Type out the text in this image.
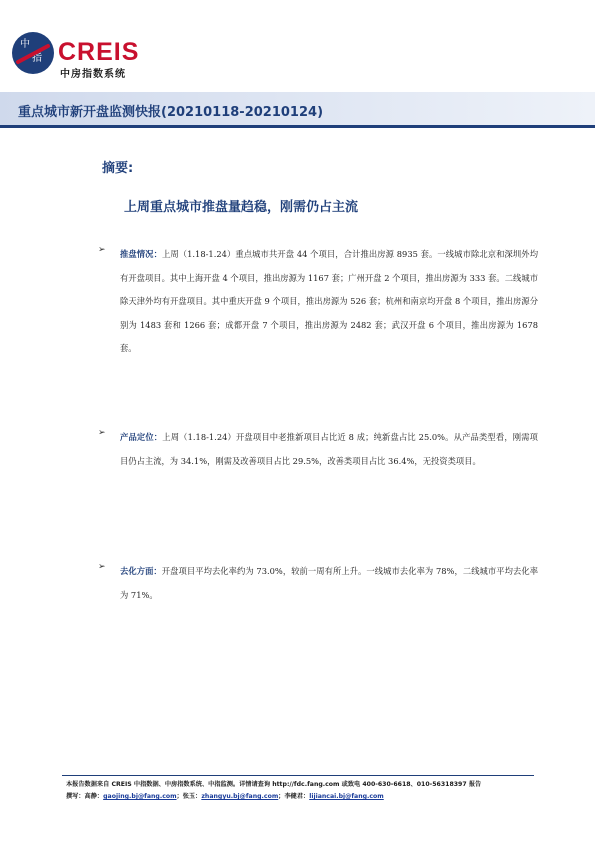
中
指 CREIS
中房指数系统
重点城市新开盘监测快报(20210118-20210124)
摘要:
上周重点城市推盘量趋稳，刚需仍占主流
➢ 推盘情况：上周（1.18-1.24）重点城市共开盘 44 个项目，合计推出房源 8935 套。一线城市除北京和深圳外均有开盘项目。其中上海开盘 4 个项目，推出房源为 1167 套；广州开盘 2 个项目，推出房源为 333 套。二线城市除天津外均有开盘项目。其中重庆开盘 9 个项目，推出房源为 526 套；杭州和南京均开盘 8 个项目，推出房源分别为 1483 套和 1266 套；成都开盘 7 个项目，推出房源为 2482 套；武汉开盘 6 个项目，推出房源为 1678 套。

➢ 产品定位：上周（1.18-1.24）开盘项目中老推新项目占比近 8 成；纯新盘占比 25.0%。从产品类型看，刚需项目仍占主流，为 34.1%，刚需及改善项目占比 29.5%，改善类项目占比 36.4%，无投资类项目。

➢ 去化方面：开盘项目平均去化率约为 73.0%，较前一周有所上升。一线城市去化率为 78%，二线城市平均去化率为 71%。

本报告数据来自 CREIS 中指数据、中房指数系统、中指监测。详情请查询 http://fdc.fang.com 或致电 400-630-6618、010-56318397 报告
撰写：高静：gaojing.bj@fang.com；张玉：zhangyu.bj@fang.com；李健君：lijiancai.bj@fang.com
